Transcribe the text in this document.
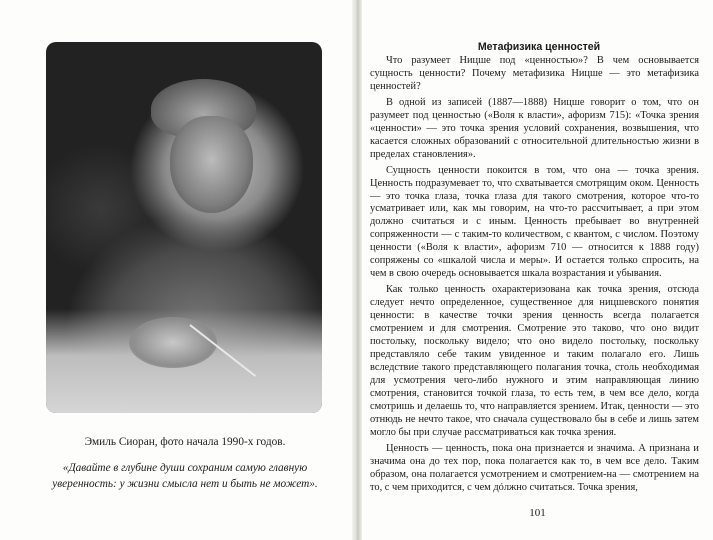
Эмиль Сиоран, фото начала 1990-х годов.
«Давайте в глубине души сохраним самую главную уверенность: у жизни смысла нет и быть не может».
Метафизика ценностей

Что разумеет Ницше под «ценностью»? В чем основывается сущность ценности? Почему метафизика Ницше — это метафизика ценностей?

В одной из записей (1887—1888) Ницше говорит о том, что он разумеет под ценностью («Воля к власти», афоризм 715): «Точка зрения «ценности» — это точка зрения условий сохранения, возвышения, что касается сложных образований с относительной длительностью жизни в пределах становления».

Сущность ценности покоится в том, что она — точка зрения. Ценность подразумевает то, что схватывается смотрящим оком. Ценность — это точка глаза, точка глаза для такого смотрения, которое что-то усматривает или, как мы говорим, на что-то рассчитывает, а при этом должно считаться и с иным. Ценность пребывает во внутренней сопряженности — с таким-то количеством, с квантом, с числом. Поэтому ценности («Воля к власти», афоризм 710 — относится к 1888 году) сопряжены со «шкалой числа и меры». И остается только спросить, на чем в свою очередь основывается шкала возрастания и убывания.

Как только ценность охарактеризована как точка зрения, отсюда следует нечто определенное, существенное для ницшевского понятия ценности: в качестве точки зрения ценность всегда полагается смотрением и для смотрения. Смотрение это таково, что оно видит постольку, поскольку видело; что оно видело постольку, поскольку представляло себе таким увиденное и таким полагало его. Лишь вследствие такого представляющего полагания точка, столь необходимая для усмотрения чего-либо нужного и этим направляющая линию смотрения, становится точкой глаза, то есть тем, в чем все дело, когда смотришь и делаешь то, что направляется зрением. Итак, ценности — это отнюдь не нечто такое, что сначала существовало бы в себе и лишь затем могло бы при случае рассматриваться как точка зрения.

Ценность — ценность, пока она признается и значима. А признана и значима она до тех пор, пока полагается как то, в чем все дело. Таким образом, она полагается усмотрением и смотрением-на — смотрением на то, с чем приходится, с чем дóлжно считаться. Точка зрения,

101
